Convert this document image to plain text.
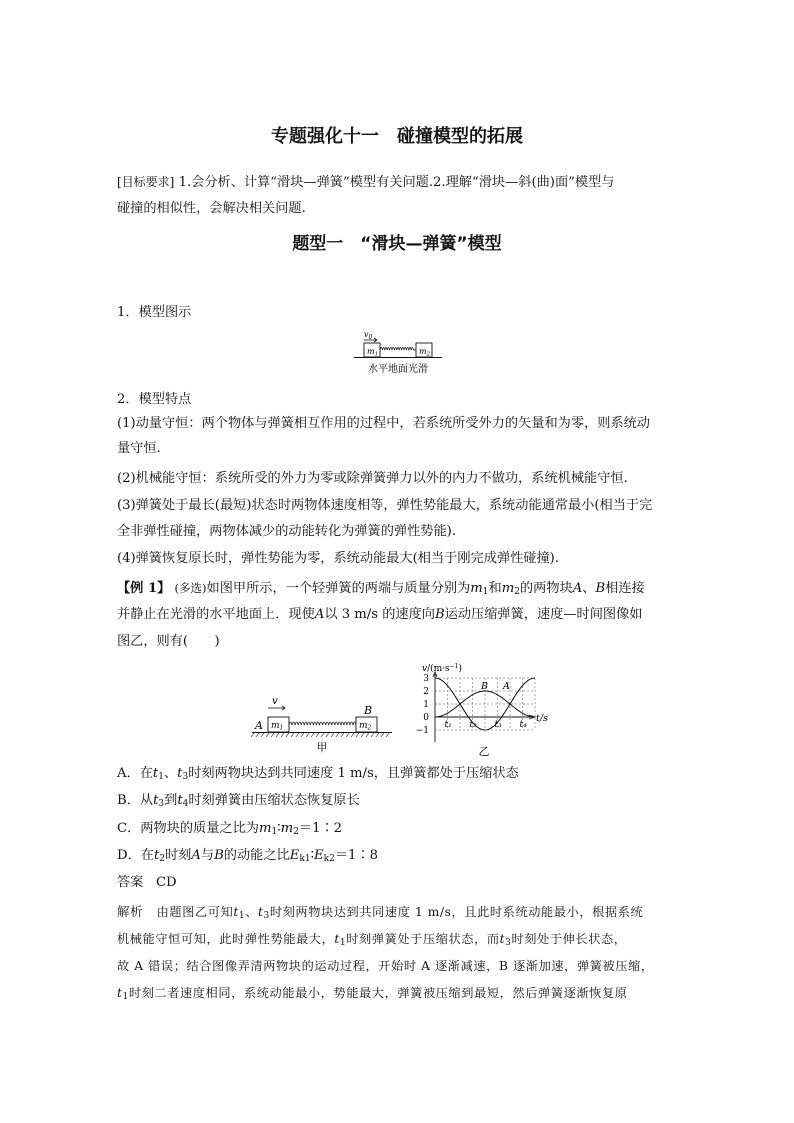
专题强化十一　碰撞模型的拓展
[目标要求] 1.会分析、计算“滑块—弹簧”模型有关问题.2.理解“滑块—斜(曲)面”模型与
碰撞的相似性，会解决相关问题.
题型一　“滑块—弹簧”模型
1．模型图示
$v_0$
m1	m2
水平地面光滑
2．模型特点
(1)动量守恒：两个物体与弹簧相互作用的过程中，若系统所受外力的矢量和为零，则系统动
量守恒.
(2)机械能守恒：系统所受的外力为零或除弹簧弹力以外的内力不做功，系统机械能守恒.
(3)弹簧处于最长(最短)状态时两物体速度相等，弹性势能最大，系统动能通常最小(相当于完
全非弹性碰撞，两物体减少的动能转化为弹簧的弹性势能).
(4)弹簧恢复原长时，弹性势能为零，系统动能最大(相当于刚完成弹性碰撞).
【例 1】 (多选)如图甲所示，一个轻弹簧的两端与质量分别为$m_1$和$m_2$的两物块A、B相连接
并静止在光滑的水平地面上．现使A以 3 m/s 的速度向B运动压缩弹簧，速度—时间图像如
图乙，则有(　　)
v
B
A m1	m2
甲
$v/(m\cdot s^{-1})$
3
2
1
0
−1
t/s
t₁ t₂ t₃ t₄
B A
乙
A．在$t_1$、$t_3$时刻两物块达到共同速度 1 m/s，且弹簧都处于压缩状态
B．从$t_3$到$t_4$时刻弹簧由压缩状态恢复原长
C．两物块的质量之比为$m_1∶m_2=1∶2$
D．在$t_2$时刻A与B的动能之比$E_{k1}∶E_{k2}=1∶8$
答案 CD
解析 由题图乙可知$t_1$、$t_3$时刻两物块达到共同速度 1 m/s，且此时系统动能最小，根据系统
机械能守恒可知，此时弹性势能最大，$t_1$时刻弹簧处于压缩状态，而$t_3$时刻处于伸长状态，
故 A 错误；结合图像弄清两物块的运动过程，开始时 A 逐渐减速，B 逐渐加速，弹簧被压缩，
$t_1$时刻二者速度相同，系统动能最小，势能最大，弹簧被压缩到最短，然后弹簧逐渐恢复原
